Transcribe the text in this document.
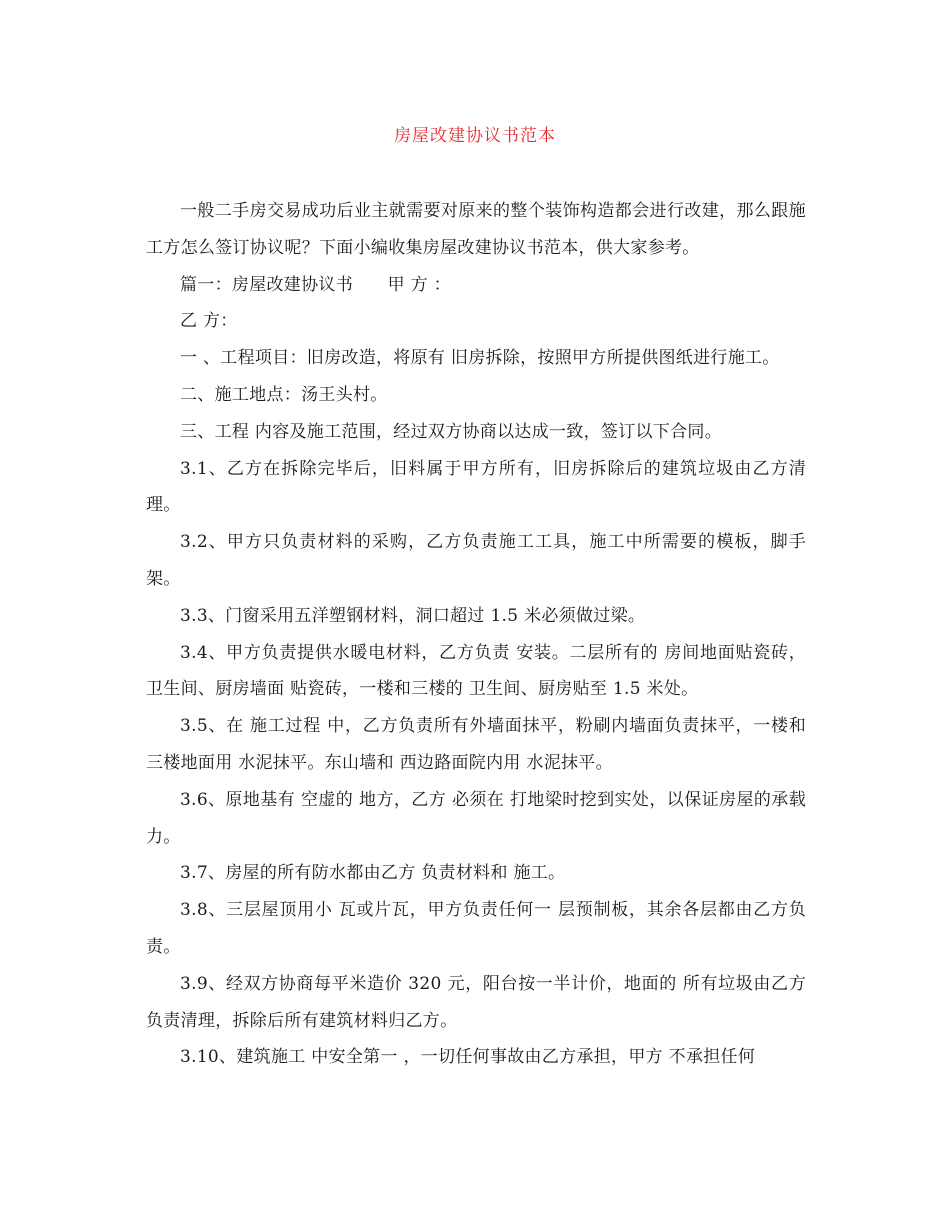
房屋改建协议书范本

一般二手房交易成功后业主就需要对原来的整个装饰构造都会进行改建，那么跟施工方怎么签订协议呢？下面小编收集房屋改建协议书范本，供大家参考。

篇一：房屋改建协议书　　甲 方 ：

乙 方：

一 、工程项目：旧房改造，将原有 旧房拆除，按照甲方所提供图纸进行施工。

二、施工地点：汤王头村。

三、工程 内容及施工范围，经过双方协商以达成一致，签订以下合同。

3.1、乙方在拆除完毕后，旧料属于甲方所有，旧房拆除后的建筑垃圾由乙方清理。

3.2、甲方只负责材料的采购，乙方负责施工工具，施工中所需要的模板，脚手架。

3.3、门窗采用五洋塑钢材料，洞口超过 1.5 米必须做过梁。

3.4、甲方负责提供水暖电材料，乙方负责 安装。二层所有的 房间地面贴瓷砖，卫生间、厨房墙面 贴瓷砖，一楼和三楼的 卫生间、厨房贴至 1.5 米处。

3.5、在 施工过程 中，乙方负责所有外墙面抹平，粉刷内墙面负责抹平，一楼和 三楼地面用 水泥抹平。东山墙和 西边路面院内用 水泥抹平。

3.6、原地基有 空虚的 地方，乙方 必须在 打地梁时挖到实处，以保证房屋的承载力。

3.7、房屋的所有防水都由乙方 负责材料和 施工。

3.8、三层屋顶用小 瓦或片瓦，甲方负责任何一 层预制板，其余各层都由乙方负责。

3.9、经双方协商每平米造价 320 元，阳台按一半计价，地面的 所有垃圾由乙方负责清理，拆除后所有建筑材料归乙方。

3.10、建筑施工 中安全第一 ，一切任何事故由乙方承担，甲方 不承担任何
